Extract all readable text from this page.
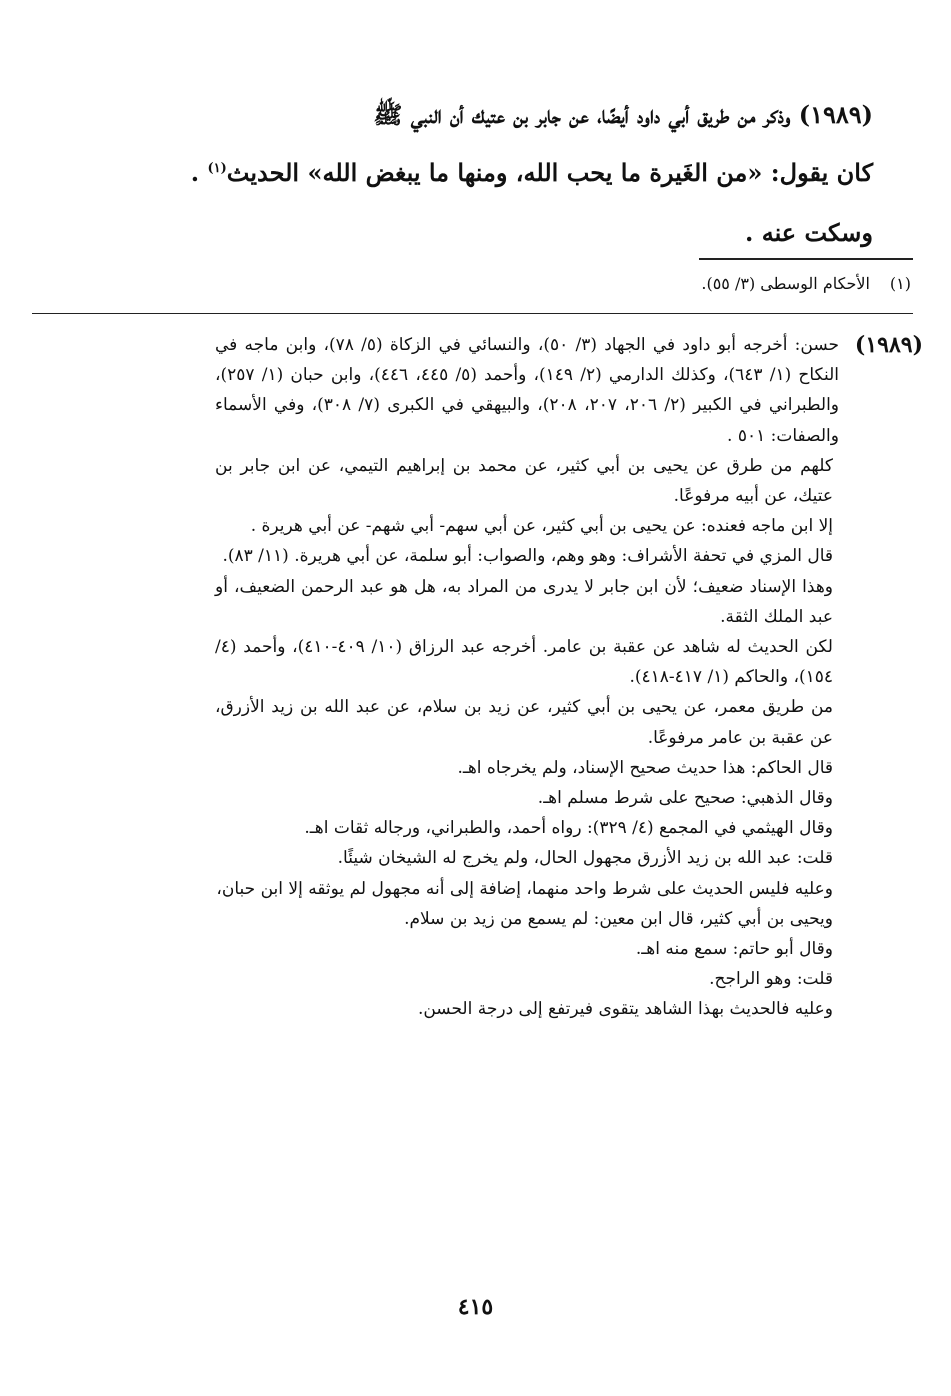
(١٩٨٩) وذكر من طريق أبي داود أيضًا، عن جابر بن عتيك أن النبي ﷺ

كان يقول: «من الغَيرة ما يحب الله، ومنها ما يبغض الله» الحديث$^{(١)}$ .

وسكت عنه .

(١) الأحكام الوسطى (٣/ ٥٥).
(١٩٨٩)

حسن: أخرجه أبو داود في الجهاد (٣/ ٥٠)، والنسائي في الزكاة (٥/ ٧٨)، وابن ماجه في النكاح (١/ ٦٤٣)، وكذلك الدارمي (٢/ ١٤٩)، وأحمد (٥/ ٤٤٥، ٤٤٦)، وابن حبان (١/ ٢٥٧)، والطبراني في الكبير (٢/ ٢٠٦، ٢٠٧، ٢٠٨)، والبيهقي في الكبرى (٧/ ٣٠٨)، وفي الأسماء والصفات: ٥٠١ .

كلهم من طرق عن يحيى بن أبي كثير، عن محمد بن إبراهيم التيمي، عن ابن جابر بن عتيك، عن أبيه مرفوعًا.

إلا ابن ماجه فعنده: عن يحيى بن أبي كثير، عن أبي سهم- أبي شهم- عن أبي هريرة .

قال المزي في تحفة الأشراف: وهو وهم، والصواب: أبو سلمة، عن أبي هريرة. (١١/ ٨٣).

وهذا الإسناد ضعيف؛ لأن ابن جابر لا يدرى من المراد به، هل هو عبد الرحمن الضعيف، أو عبد الملك الثقة.

لكن الحديث له شاهد عن عقبة بن عامر. أخرجه عبد الرزاق (١٠/ ٤٠٩-٤١٠)، وأحمد (٤/ ١٥٤)، والحاكم (١/ ٤١٧-٤١٨).

من طريق معمر، عن يحيى بن أبي كثير، عن زيد بن سلام، عن عبد الله بن زيد الأزرق، عن عقبة بن عامر مرفوعًا.

قال الحاكم: هذا حديث صحيح الإسناد، ولم يخرجاه اهـ.

وقال الذهبي: صحيح على شرط مسلم اهـ.

وقال الهيثمي في المجمع (٤/ ٣٢٩): رواه أحمد، والطبراني، ورجاله ثقات اهـ.

قلت: عبد الله بن زيد الأزرق مجهول الحال، ولم يخرج له الشيخان شيئًا.

وعليه فليس الحديث على شرط واحد منهما، إضافة إلى أنه مجهول لم يوثقه إلا ابن حبان،

ويحيى بن أبي كثير، قال ابن معين: لم يسمع من زيد بن سلام.

وقال أبو حاتم: سمع منه اهـ.

قلت: وهو الراجح.

وعليه فالحديث بهذا الشاهد يتقوى فيرتفع إلى درجة الحسن.

٤١٥
